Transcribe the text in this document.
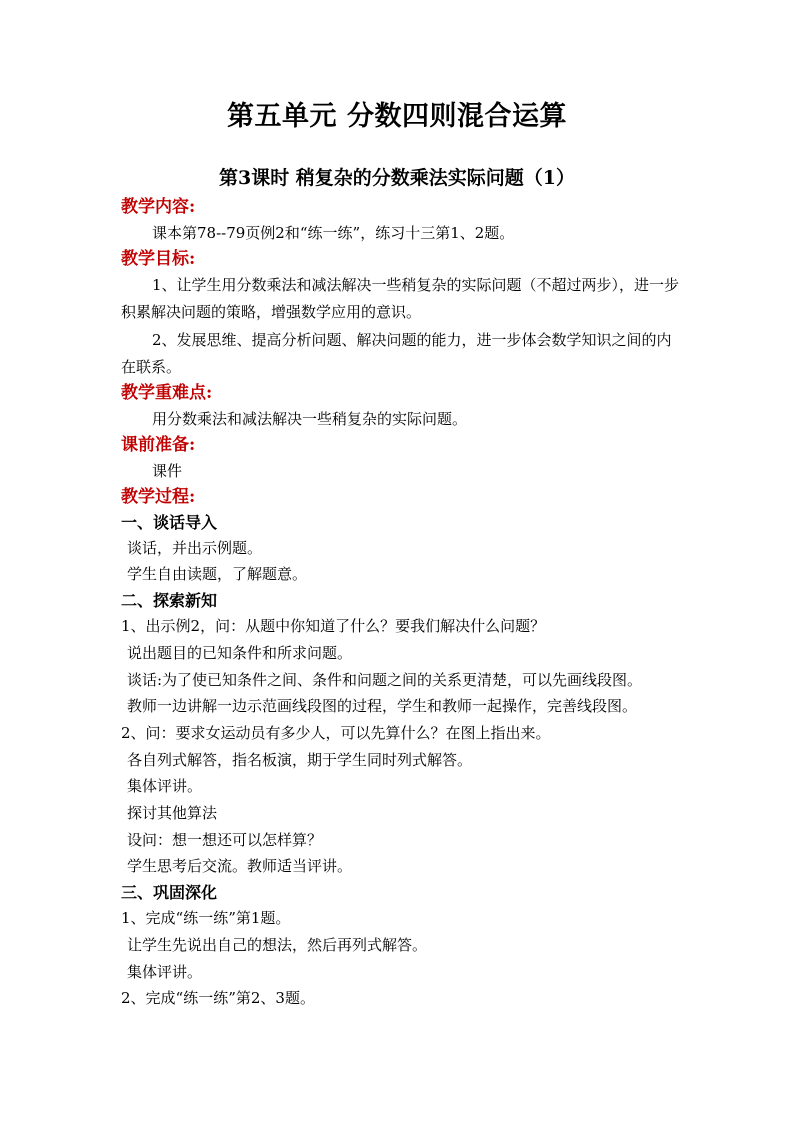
第五单元 分数四则混合运算
第3课时 稍复杂的分数乘法实际问题（1）
教学内容:

课本第78--79页例2和“练一练”，练习十三第1、2题。

教学目标:

1、让学生用分数乘法和减法解决一些稍复杂的实际问题（不超过两步），进一步积累解决问题的策略，增强数学应用的意识。

2、发展思维、提高分析问题、解决问题的能力，进一步体会数学知识之间的内在联系。

教学重难点:

用分数乘法和减法解决一些稍复杂的实际问题。

课前准备:

课件

教学过程:
一、谈话导入

谈话，并出示例题。

学生自由读题，了解题意。

二、探索新知

1、出示例2，问：从题中你知道了什么？要我们解决什么问题？

说出题目的已知条件和所求问题。

谈话:为了使已知条件之间、条件和问题之间的关系更清楚，可以先画线段图。

教师一边讲解一边示范画线段图的过程，学生和教师一起操作，完善线段图。

2、问：要求女运动员有多少人，可以先算什么？在图上指出来。

各自列式解答，指名板演，期于学生同时列式解答。

集体评讲。

探讨其他算法

设问：想一想还可以怎样算？

学生思考后交流。教师适当评讲。

三、巩固深化

1、完成“练一练”第1题。

让学生先说出自己的想法，然后再列式解答。

集体评讲。

2、完成“练一练”第2、3题。
